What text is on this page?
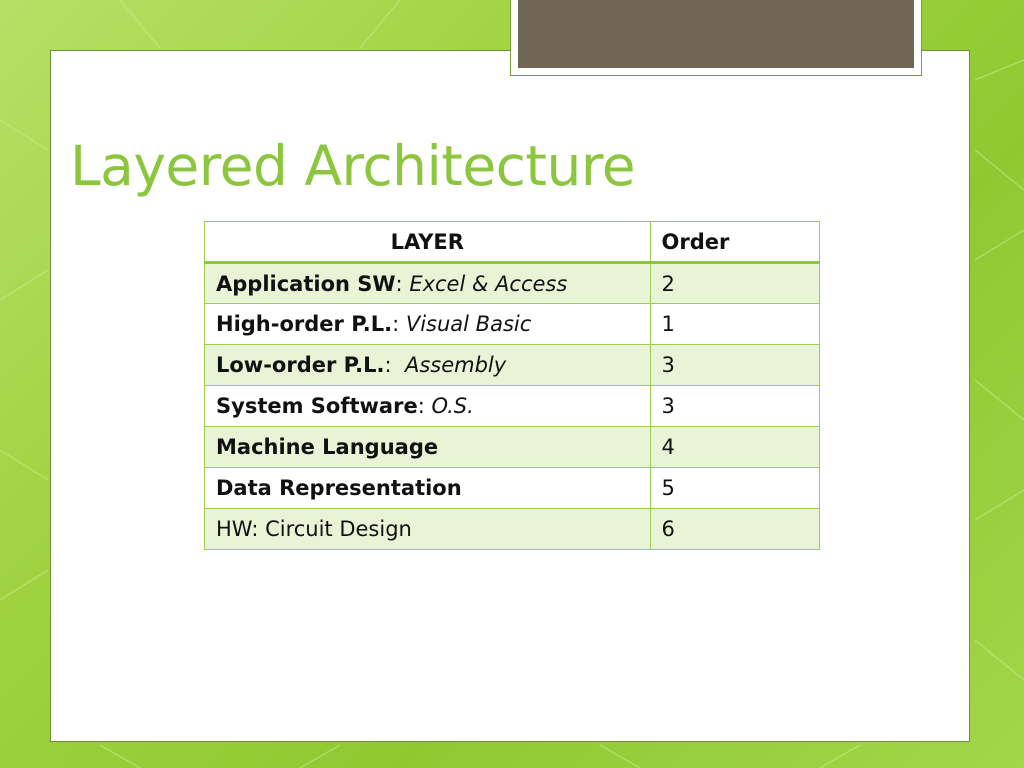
Layered Architecture
LAYER	Order
Application SW: Excel & Access	2
High-order P.L.: Visual Basic	1
Low-order P.L.:  Assembly	3
System Software: O.S.	3
Machine Language	4
Data Representation	5
HW: Circuit Design	6
